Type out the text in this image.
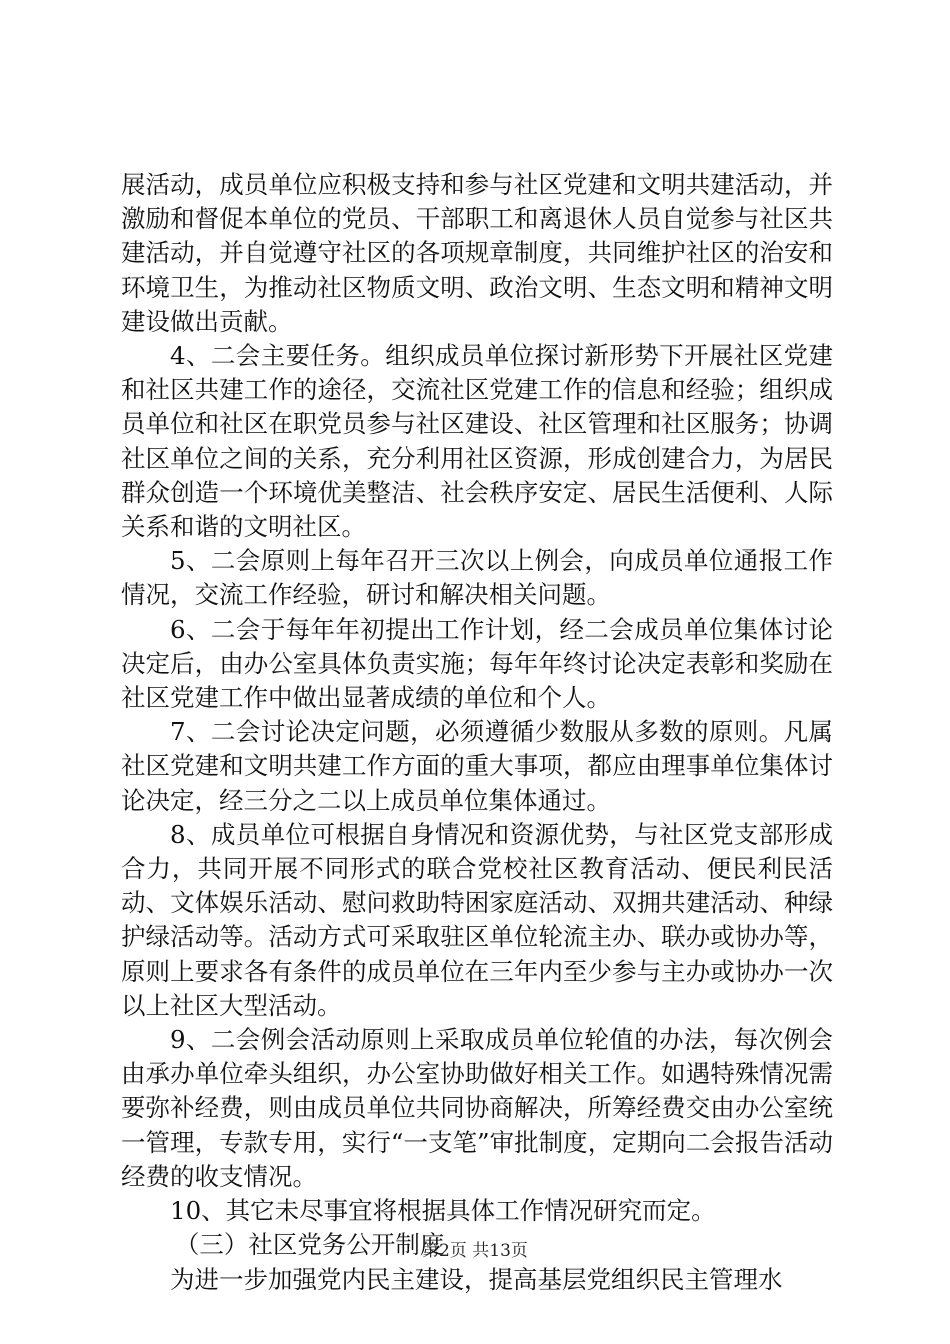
展活动，成员单位应积极支持和参与社区党建和文明共建活动，并激励和督促本单位的党员、干部职工和离退休人员自觉参与社区共建活动，并自觉遵守社区的各项规章制度，共同维护社区的治安和环境卫生，为推动社区物质文明、政治文明、生态文明和精神文明建设做出贡献。

4、二会主要任务。组织成员单位探讨新形势下开展社区党建和社区共建工作的途径，交流社区党建工作的信息和经验；组织成员单位和社区在职党员参与社区建设、社区管理和社区服务；协调社区单位之间的关系，充分利用社区资源，形成创建合力，为居民群众创造一个环境优美整洁、社会秩序安定、居民生活便利、人际关系和谐的文明社区。

5、二会原则上每年召开三次以上例会，向成员单位通报工作情况，交流工作经验，研讨和解决相关问题。

6、二会于每年年初提出工作计划，经二会成员单位集体讨论决定后，由办公室具体负责实施；每年年终讨论决定表彰和奖励在社区党建工作中做出显著成绩的单位和个人。

7、二会讨论决定问题，必须遵循少数服从多数的原则。凡属社区党建和文明共建工作方面的重大事项，都应由理事单位集体讨论决定，经三分之二以上成员单位集体通过。

8、成员单位可根据自身情况和资源优势，与社区党支部形成合力，共同开展不同形式的联合党校社区教育活动、便民利民活动、文体娱乐活动、慰问救助特困家庭活动、双拥共建活动、种绿护绿活动等。活动方式可采取驻区单位轮流主办、联办或协办等，原则上要求各有条件的成员单位在三年内至少参与主办或协办一次以上社区大型活动。

9、二会例会活动原则上采取成员单位轮值的办法，每次例会由承办单位牵头组织，办公室协助做好相关工作。如遇特殊情况需要弥补经费，则由成员单位共同协商解决，所筹经费交由办公室统一管理，专款专用，实行“一支笔”审批制度，定期向二会报告活动经费的收支情况。

10、其它未尽事宜将根据具体工作情况研究而定。

（三）社区党务公开制度

为进一步加强党内民主建设，提高基层党组织民主管理水

第2页 共13页
